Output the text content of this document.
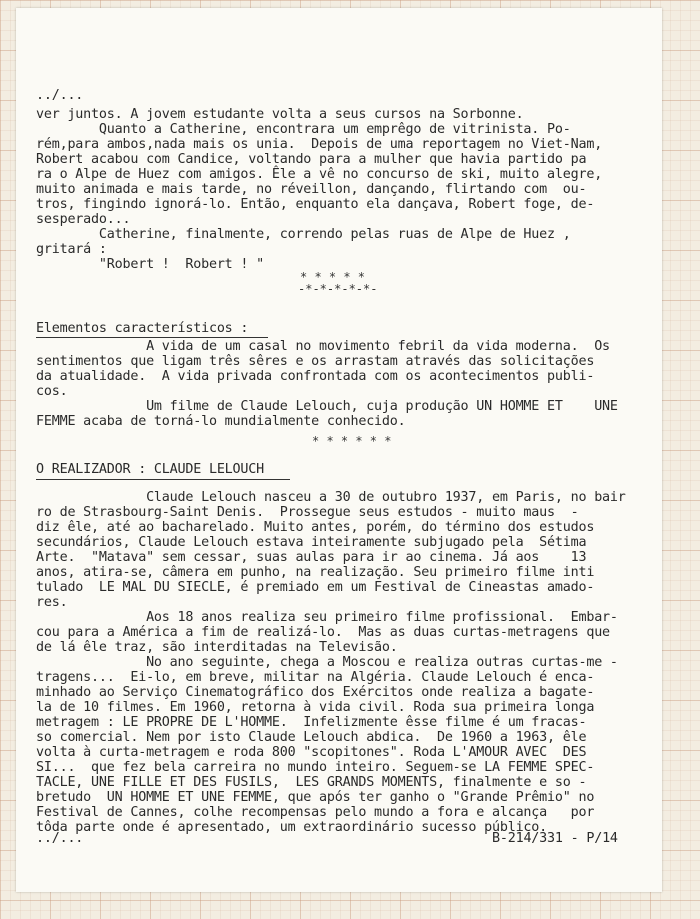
../...
ver juntos. A jovem estudante volta a seus cursos na Sorbonne.
Quanto a Catherine, encontrara um emprêgo de vitrinista. Po-
rém,para ambos,nada mais os unia.  Depois de uma reportagem no Viet-Nam,
Robert acabou com Candice, voltando para a mulher que havia partido pa
ra o Alpe de Huez com amigos. Êle a vê no concurso de ski, muito alegre,
muito animada e mais tarde, no réveillon, dançando, flirtando com  ou-
tros, fingindo ignorá-lo. Então, enquanto ela dançava, Robert foge, de-
sesperado...
Catherine, finalmente, correndo pelas ruas de Alpe de Huez ,
gritará :
"Robert !  Robert ! "
* * * * *
-*-*-*-*-*-
Elementos característicos :
A vida de um casal no movimento febril da vida moderna.  Os
sentimentos que ligam três sêres e os arrastam através das solicitações
da atualidade.  A vida privada confrontada com os acontecimentos publi-
cos.
Um filme de Claude Lelouch, cuja produção UN HOMME ET    UNE
FEMME acaba de torná-lo mundialmente conhecido.
* * * * * *
O REALIZADOR : CLAUDE LELOUCH
Claude Lelouch nasceu a 30 de outubro 1937, em Paris, no bair
ro de Strasbourg-Saint Denis.  Prossegue seus estudos - muito maus  -
diz êle, até ao bacharelado. Muito antes, porém, do término dos estudos
secundários, Claude Lelouch estava inteiramente subjugado pela  Sétima
Arte.  "Matava" sem cessar, suas aulas para ir ao cinema. Já aos    13
anos, atira-se, câmera em punho, na realização. Seu primeiro filme inti
tulado  LE MAL DU SIECLE, é premiado em um Festival de Cineastas amado-
res.
Aos 18 anos realiza seu primeiro filme profissional.  Embar-
cou para a América a fim de realizá-lo.  Mas as duas curtas-metragens que
de lá êle traz, são interditadas na Televisão.
No ano seguinte, chega a Moscou e realiza outras curtas-me -
tragens...  Ei-lo, em breve, militar na Algéria. Claude Lelouch é enca-
minhado ao Serviço Cinematográfico dos Exércitos onde realiza a bagate-
la de 10 filmes. Em 1960, retorna à vida civil. Roda sua primeira longa
metragem : LE PROPRE DE L'HOMME.  Infelizmente êsse filme é um fracas-
so comercial. Nem por isto Claude Lelouch abdica.  De 1960 a 1963, êle
volta à curta-metragem e roda 800 "scopitones". Roda L'AMOUR AVEC  DES
SI...  que fez bela carreira no mundo inteiro. Seguem-se LA FEMME SPEC-
TACLE, UNE FILLE ET DES FUSILS,  LES GRANDS MOMENTS, finalmente e so -
bretudo  UN HOMME ET UNE FEMME, que após ter ganho o "Grande Prêmio" no
Festival de Cannes, colhe recompensas pelo mundo a fora e alcança   por
tôda parte onde é apresentado, um extraordinário sucesso público.
../...	B-214/331 - P/14
